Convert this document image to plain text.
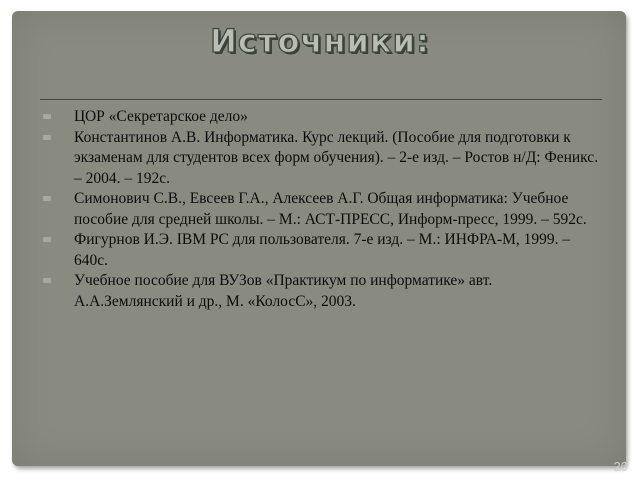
Источники:
ЦОР «Секретарское дело»
Константинов А.В. Информатика. Курс лекций. (Пособие для подготовки к экзаменам для студентов всех форм обучения). – 2-е изд. – Ростов н/Д: Феникс. – 2004. – 192с.
Симонович С.В., Евсеев Г.А., Алексеев А.Г. Общая информатика: Учебное пособие для средней школы. – М.: АСТ-ПРЕСС, Информ-пресс, 1999. – 592с.
Фигурнов И.Э. IBM PC для пользователя. 7-е изд. – М.: ИНФРА-М, 1999. – 640с.
Учебное пособие для ВУЗов «Практикум по информатике» авт. А.А.Землянский и др., М. «КолосС», 2003.
20
